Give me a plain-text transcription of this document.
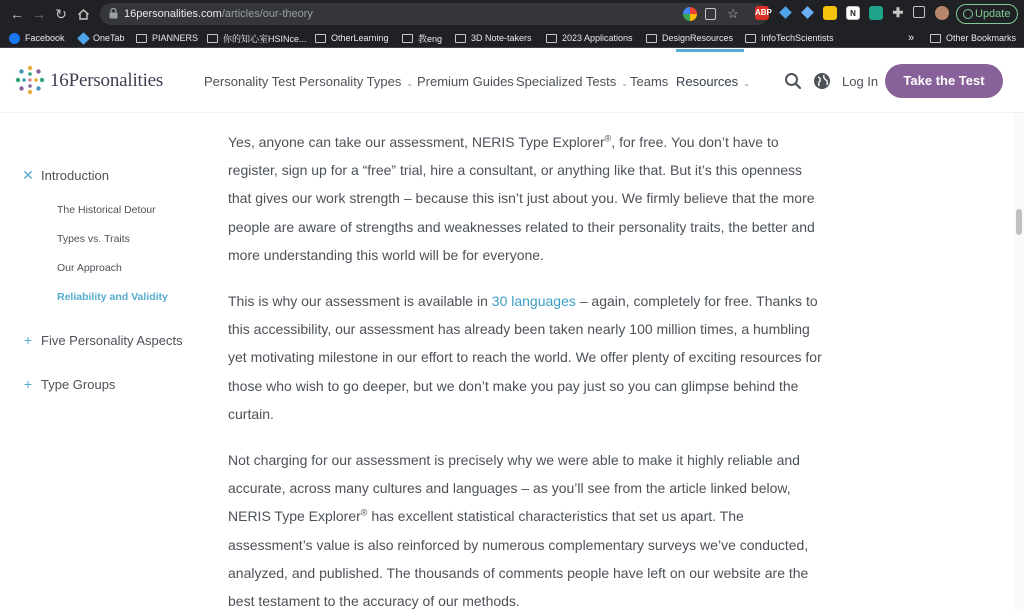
← → ↻	16personalities.com/articles/our-theory	☆ ABP	N	✚	Update
Facebook	OneTab	PIANNERS	你的知心室HSINce...	OtherLearning	教eng	3D Note-takers	2023 Applications	DesignResources	InfoTechScientists	»	Other Bookmarks
16Personalities	Personality Test Personality Types ⌄ Premium Guides Specialized Tests ⌄ Teams Resources ⌄	Log In	Take the Test
✕ Introduction
The Historical Detour
Types vs. Traits
Our Approach
Reliability and Validity
+ Five Personality Aspects
+ Type Groups

Yes, anyone can take our assessment, NERIS Type Explorer®, for free. You don’t have to register, sign up for a “free” trial, hire a consultant, or anything like that. But it’s this openness that gives our work strength – because this isn’t just about you. We firmly believe that the more people are aware of strengths and weaknesses related to their personality traits, the better and more understanding this world will be for everyone.

This is why our assessment is available in 30 languages – again, completely for free. Thanks to this accessibility, our assessment has already been taken nearly 100 million times, a humbling yet motivating milestone in our effort to reach the world. We offer plenty of exciting resources for those who wish to go deeper, but we don’t make you pay just so you can glimpse behind the curtain.

Not charging for our assessment is precisely why we were able to make it highly reliable and accurate, across many cultures and languages – as you’ll see from the article linked below, NERIS Type Explorer® has excellent statistical characteristics that set us apart. The assessment’s value is also reinforced by numerous complementary surveys we’ve conducted, analyzed, and published. The thousands of comments people have left on our website are the best testament to the accuracy of our methods.
